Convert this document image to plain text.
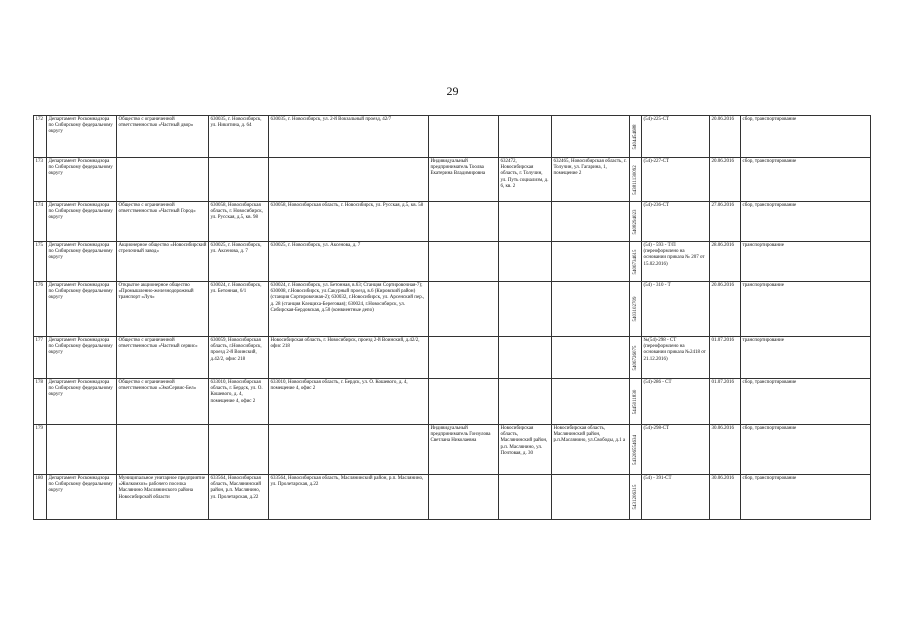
29
172	Департамент Роскомнадзора по Сибирскому федеральному округу	Общество с ограниченной ответственностью «Частный двор»	630035, г. Новосибирск, ул. Никитина, д. 64	630035, г. Новосибирск, ул. 2-й Вокзальный проезд, 42/7				5404454688	(54)-225-СТ	20.06.2016	сбор, транспортирование
173	Департамент Роскомнадзора по Сибирскому федеральному округу				Индивидуальный предприниматель Тоолва Екатерина Владимировна	632472, Новосибирская область, г. Толучин, ул. Путь социализм, д. 6, кв. 2	632465, Новосибирская область, г. Толучин, ул. Гагарина, 1, помещение 2	543811130092	(54)-227-СТ	20.06.2016	сбор, транспортирование
174	Департамент Роскомнадзора по Сибирскому федеральному округу	Общество с ограниченной ответственностью «Частный Город»	630058, Новосибирская область, г. Новосибирск, ул. Русская, д.5, кв. 98	630058, Новосибирская область, г. Новосибирск, ул. Русская, д.5, кв. 58				5408294023	(54)-236-СТ	27.06.2016	сбор, транспортирование
175	Департамент Роскомнадзора по Сибирскому федеральному округу	Акционерное общество «Новосибирский стрелочный завод»	630025, г. Новосибирск, ул. Аксенова, д. 7	630025, г. Новосибирск, ул. Аксенова, д. 7				5406734615	(54) - 593 - Т/П (переоформлено на основании приказа № 207 от 15.02.2016)	28.06.2016	транспортирование
176	Департамент Роскомнадзора по Сибирскому федеральному округу	Открытое акционерное общество «Промышленно-железнодорожный транспорт «Луч»	630024, г. Новосибирск, ул. Бетонная, 6/1	630024, г. Новосибирск, ул. Бетонная, в.63; Станция Сортировочная-7); 630008, г.Новосибирск, ул.Сакурный проезд, в.6 (Кировский район) (станция Сортировочная-2); 630032, г.Новосибирск, ул. Арсенский пер., д. 28 (станция Клещиха-Береговая); 630024, г.Новосибирск, ул. Сибирская-Бердовская, д.50 (конвиентные депо)				5403102709	(54) - 310 - Т	20.06.2016	транспортирование
177	Департамент Роскомнадзора по Сибирскому федеральному округу	Общество с ограниченной ответственностью «Частный сервис»	630059, Новосибирская область, г.Новосибирск, проезд 2-й Воинский, д.42/2, офис 218	Новосибирская область, г. Новосибирск, проезд 2-й Воинский, д.42/2, офис 218				5406726075	№(54)-298 - СТ (переоформлено на основании приказа №2418 от 21.12.2016)	01.07.2016	транспортирование
178	Департамент Роскомнадзора по Сибирскому федеральному округу	Общество с ограниченной ответственностью «ЭкоСервис-Бел»	633010, Новосибирская область, г. Бердск, ул. О. Кошевого, д. 4, помещение 4, офис 2	633010, Новосибирская область, г. Бердск, ул. О. Кошевого, д. 4, помещение 4, офис 2				5445011830	(54)-286 - СТ	01.07.2016	сбор, транспортирование
179					Индивидуальный предприниматель Гонзулова Светлана Николаевна	Новосибирская область, Маслянинский район, р.п. Маслянино, ул. Почтовая, д. 30	Новосибирская область, Маслянинский район, р.п.Маслянино, ул.Свободы, д.1 а	543206554634	(54)-298-СТ	30.06.2016	сбор, транспортирование
180	Департамент Роскомнадзора по Сибирскому федеральному округу	Муниципальное унитарное предприятие «Жилкомхоз» рабочего поселка Маслянино Маслянинского района Новосибирской области	633564, Новосибирская область, Маслянинский район, р.п. Маслянино, ул. Пролетарская, д.22	633564, Новосибирская область, Маслянинский район, р.п. Маслянино, ул. Пролетарская, д.22				5431206315	(54) - 391-СТ	30.06.2016	сбор, транспортирование
